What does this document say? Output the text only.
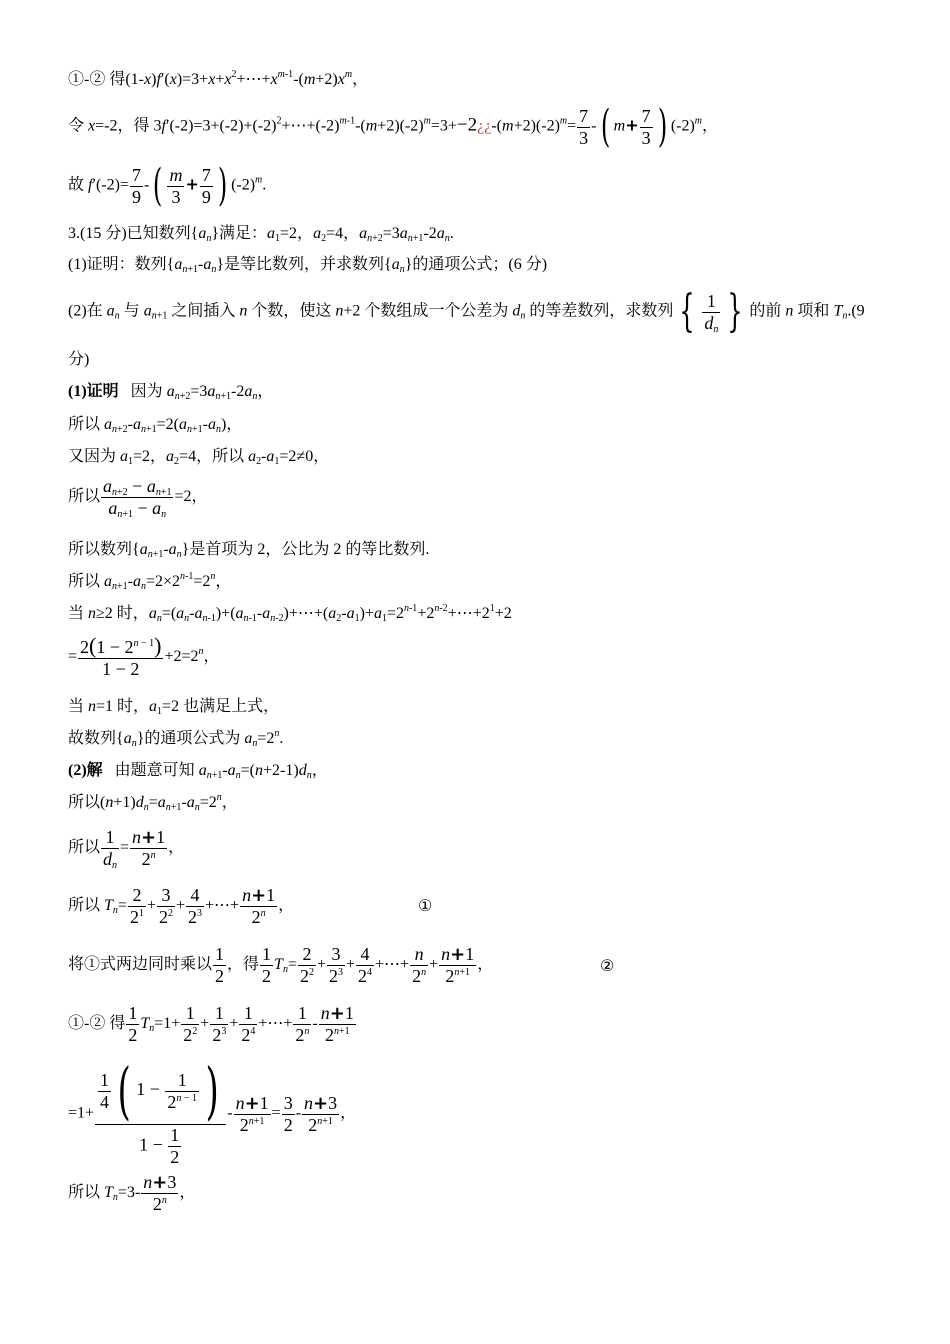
①-② 得$(1-x)f'(x)=3+x+x^2+\cdots+x^{m-1}-(m+2)x^m$，
令 x=-2，得 $3f'(-2)=3+(-2)+(-2)^2+\cdots+(-2)^{m-1}-(m+2)(-2)^m=3+-2¿¿-(m+2)(-2)^m= \frac{7}{3}$ -( $m+ \frac{7}{3}$ ) $(-2)^m$，
故 $f'(-2)= \frac{7}{9}$ -( $\frac{m}{3} + \frac{7}{9}$ ) $(-2)^m$.
3.(15 分)已知数列$\{a_n\}$满足：$a_1=2$，$a_2=4$，$a_{n+2}=3a_{n+1}-2a_n$.
(1)证明：数列$\{a_{n+1}-a_n\}$是等比数列，并求数列$\{a_n\}$的通项公式；(6 分)
(2)在 $a_n$ 与 $a_{n+1}$ 之间插入 n 个数，使这 n+2 个数组成一个公差为 $d_n$ 的等差数列，求数列 { $\frac{1}{d_n}$ } 的前 n 项和 $T_n.(9$
分)
(1)证明   因为 $a_{n+2}=3a_{n+1}-2a_n$，
所以 $a_{n+2}-a_{n+1}=2(a_{n+1}-a_n)$，
又因为 $a_1=2$，$a_2=4$，所以 $a_2-a_1=2\ne 0$，
所以 $\frac{a_{n+2} - a_{n+1}}{a_{n+1} - a_n} =2$，
所以数列$\{a_{n+1}-a_n\}$是首项为 2，公比为 2 的等比数列.
所以 $a_{n+1}-a_n=2\times 2^{n-1}=2^n$，
当 n≥2 时，$a_n=(a_n-a_{n-1})+(a_{n-1}-a_{n-2})+\cdots+(a_2-a_1)+a_1=2^{n-1}+2^{n-2}+\cdots+2^1+2$
= $\frac{2(1 - 2^{n - 1})}{1 - 2} +2=2^n$，
当 n=1 时，$a_1=2$ 也满足上式，
故数列$\{a_n\}$的通项公式为 $a_n=2^n$.
(2)解   由题意可知 $a_{n+1}-a_n=(n+2-1)d_n$，
所以$(n+1)d_n=a_{n+1}-a_n=2^n$，
所以 $\frac{1}{d_n} = \frac{n+1}{2^n}$ ，
所以 $T_n= \frac{2}{2^1} + \frac{3}{2^2} + \frac{4}{2^3}$ +⋯+ $\frac{n+1}{2^n}$ ，	①
将①式两边同时乘以 $\frac{1}{2}$ ，得 $\frac{1}{2} T_n= \frac{2}{2^2} + \frac{3}{2^3} + \frac{4}{2^4}$ +⋯+ $\frac{n}{2^n} + \frac{n+1}{2^{n+1}}$ ，	②
①-② 得 $\frac{1}{2} T_n=1+ \frac{1}{2^2} + \frac{1}{2^3} + \frac{1}{2^4}$ +⋯+ $\frac{1}{2^n} - \frac{n+1}{2^{n+1}}$
$=1+ \frac{\frac{1}{4} ( 1 - \frac{1}{2^{n - 1}} )}{1 - \frac{1}{2}} - \frac{n+1}{2^{n+1}} = \frac{3}{2} - \frac{n+3}{2^{n+1}}$ ，
所以 $T_n=3- \frac{n+3}{2^n}$ ，
